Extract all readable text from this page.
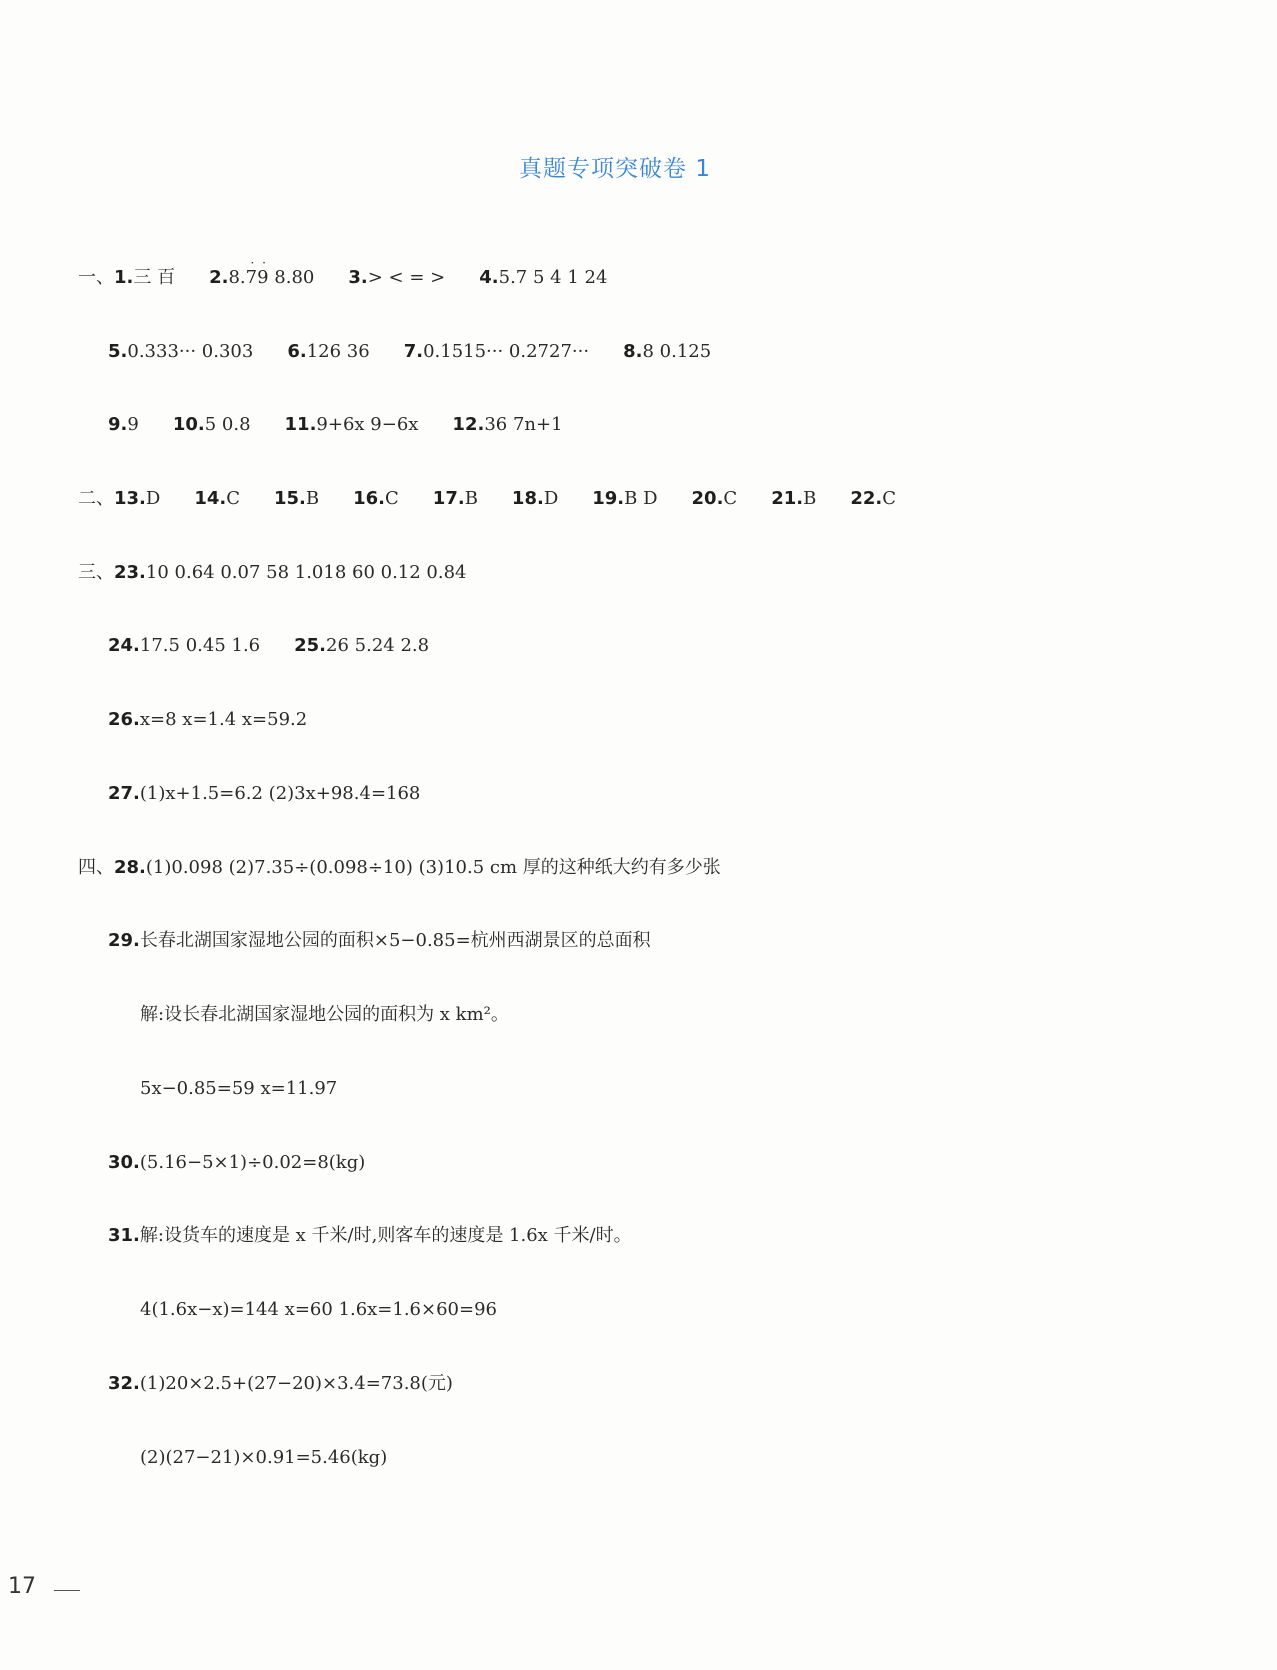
真题专项突破卷 1
一、1.三 百 2.· · 8.79 8.80 3.> < = > 4.5.7 5 4 1 24
5.0.333··· 0.303 6.126 36 7.0.1515··· 0.2727··· 8.8 0.125
9.9 10.5 0.8 11.9+6x 9−6x 12.36 7n+1
二、13.D 14.C 15.B 16.C 17.B 18.D 19.B D 20.C 21.B 22.C
三、23.10 0.64 0.07 58 1.018 60 0.12 0.84
24.17.5 0.45 1.6 25.26 5.24 2.8
26.x=8 x=1.4 x=59.2
27.(1)x+1.5=6.2 (2)3x+98.4=168
四、28.(1)0.098 (2)7.35÷(0.098÷10) (3)10.5 cm 厚的这种纸大约有多少张
29.长春北湖国家湿地公园的面积×5−0.85=杭州西湖景区的总面积
解:设长春北湖国家湿地公园的面积为 x km²。
5x−0.85=59 x=11.97
30.(5.16−5×1)÷0.02=8(kg)
31.解:设货车的速度是 x 千米/时,则客车的速度是 1.6x 千米/时。
4(1.6x−x)=144 x=60 1.6x=1.6×60=96
32.(1)20×2.5+(27−20)×3.4=73.8(元)
(2)(27−21)×0.91=5.46(kg)
17
